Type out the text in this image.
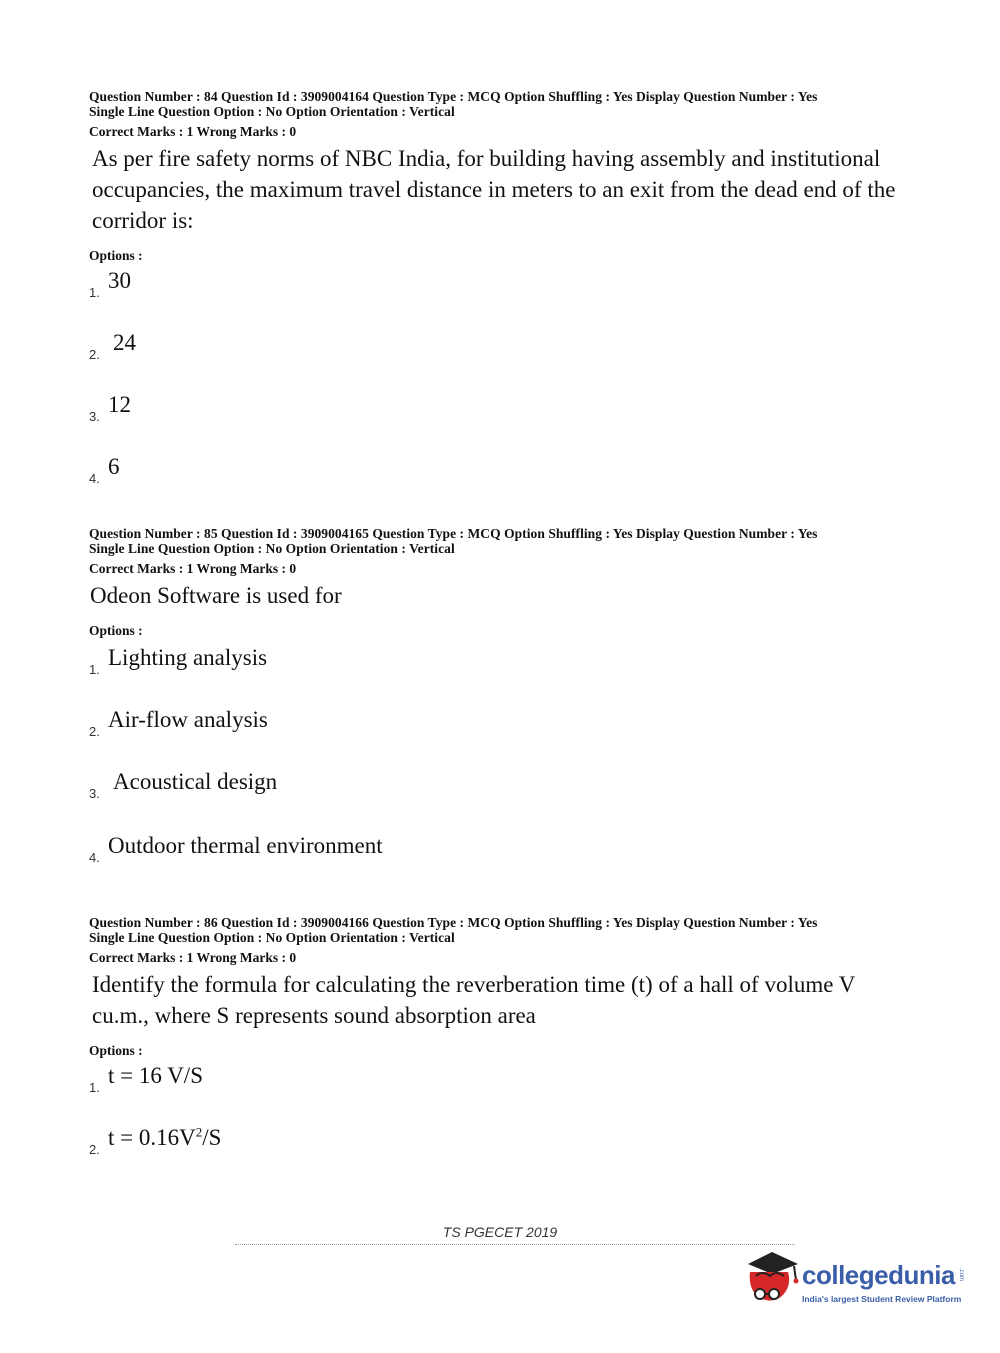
Question Number : 84 Question Id : 3909004164 Question Type : MCQ Option Shuffling : Yes Display Question Number : Yes
Single Line Question Option : No Option Orientation : Vertical
Correct Marks : 1 Wrong Marks : 0
As per fire safety norms of NBC India, for building having assembly and institutional occupancies, the maximum travel distance in meters to an exit from the dead end of the corridor is:
Options :
1. 30
2. 24
3. 12
4. 6
Question Number : 85 Question Id : 3909004165 Question Type : MCQ Option Shuffling : Yes Display Question Number : Yes
Single Line Question Option : No Option Orientation : Vertical
Correct Marks : 1 Wrong Marks : 0
Odeon Software is used for
Options :
1. Lighting analysis
2. Air-flow analysis
3. Acoustical design
4. Outdoor thermal environment
Question Number : 86 Question Id : 3909004166 Question Type : MCQ Option Shuffling : Yes Display Question Number : Yes
Single Line Question Option : No Option Orientation : Vertical
Correct Marks : 1 Wrong Marks : 0
Identify the formula for calculating the reverberation time (t) of a hall of volume V cu.m., where S represents sound absorption area
Options :
1. t = 16 V/S
2. $t = 0.16V^2/S$
TS PGECET 2019
collegedunia .com
India's largest Student Review Platform
